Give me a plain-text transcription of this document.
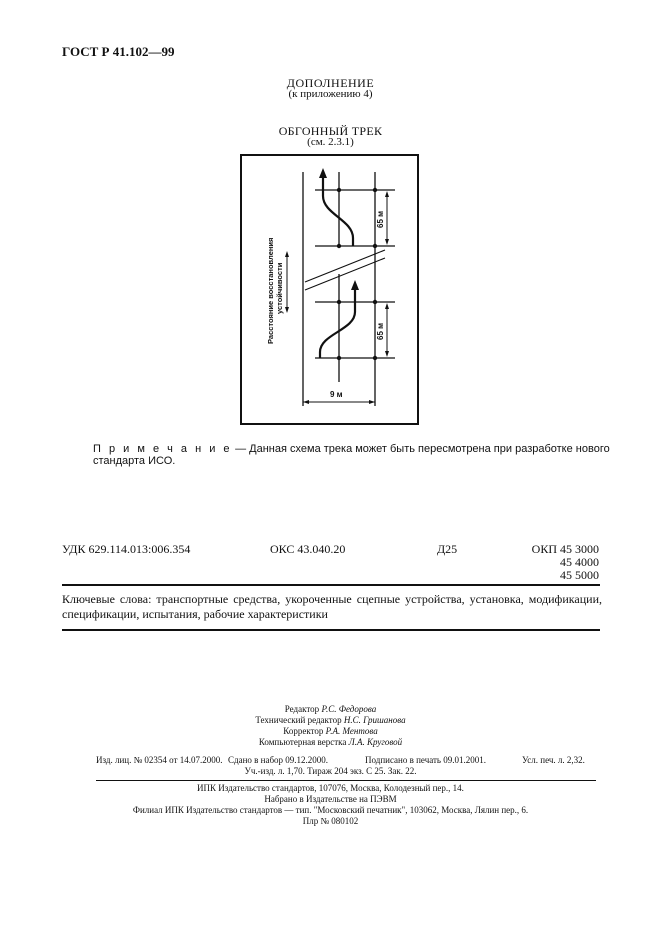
ГОСТ Р 41.102—99
ДОПОЛНЕНИЕ
(к приложению 4)
ОБГОННЫЙ ТРЕК
(см. 2.3.1)
65 м
65 м
Расстояние восстановления устойчивости
9 м
П р и м е ч а н и е — Данная схема трека может быть пересмотрена при разработке нового стандарта ИСО.
УДК 629.114.013:006.354	ОКС 43.040.20	Д25	ОКП 45 3000
45 4000
45 5000
Ключевые слова: транспортные средства, укороченные сцепные устройства, установка, модификации, спецификации, испытания, рабочие характеристики
Редактор Р.С. Федорова
Технический редактор Н.С. Гришанова
Корректор Р.А. Ментова
Компьютерная верстка Л.А. Круговой
Изд. лиц. № 02354 от 14.07.2000. Сдано в набор 09.12.2000.	Подписано в печать 09.01.2001.	Усл. печ. л. 2,32.
Уч.-изд. л. 1,70. Тираж 204 экз. С 25. Зак. 22.
ИПК Издательство стандартов, 107076, Москва, Колодезный пер., 14.
Набрано в Издательстве на ПЭВМ
Филиал ИПК Издательство стандартов — тип. "Московский печатник", 103062, Москва, Лялин пер., 6.
Плр № 080102
